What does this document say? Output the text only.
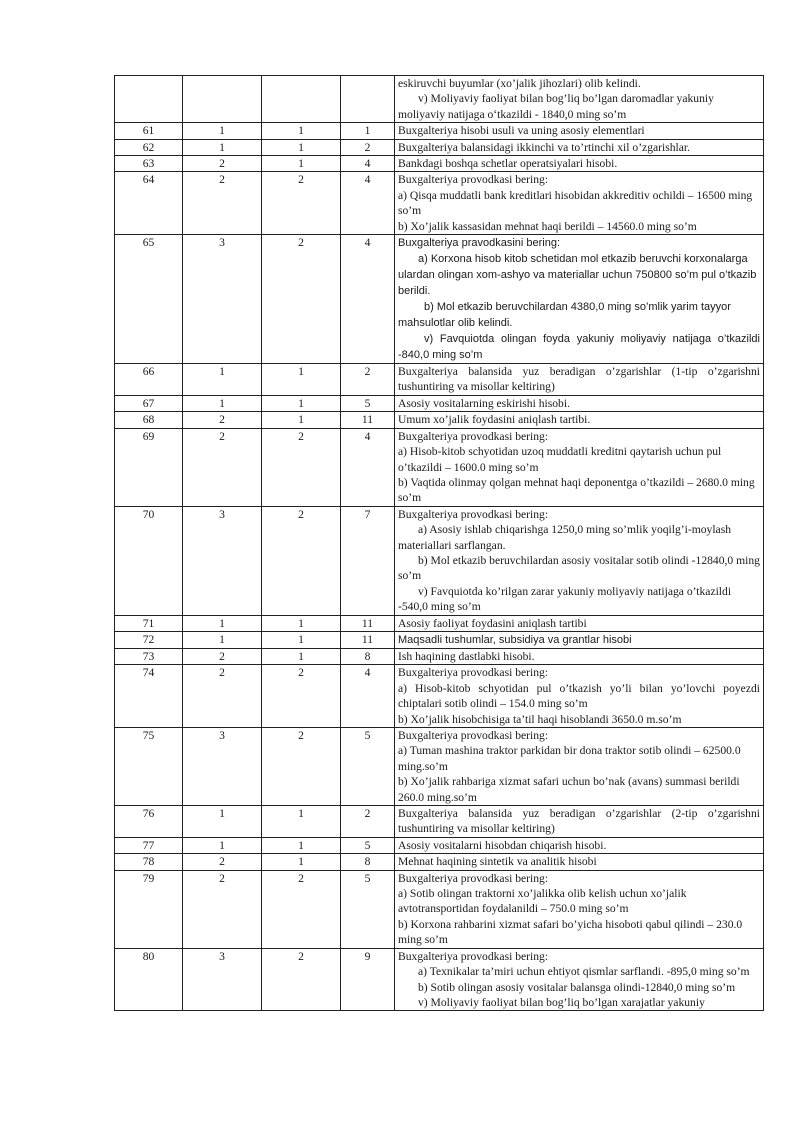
				eskiruvchi buyumlar (xo’jalik jihozlari) olib kelindi.

v) Moliyaviy faoliyat bilan bog’liq bo’lgan daromadlar yakuniy moliyaviy natijaga o‘tkazildi - 1840,0 ming so’m

61	1	1	1	Buxgalteriya hisobi usuli va uning asosiy elementlari

62	1	1	2	Buxgalteriya balansidagi ikkinchi va to’rtinchi xil o’zgarishlar.

63	2	1	4	Bankdagi boshqa schetlar operatsiyalari hisobi.

64	2	2	4	Buxgalteriya provodkasi bering:

a) Qisqa muddatli bank kreditlari hisobidan akkreditiv ochildi – 16500 ming so’m

b) Xo’jalik kassasidan mehnat haqi berildi – 14560.0 ming so’m

65	3	2	4	Buxgalteriya pravodkasini bering:

a) Korxona hisob kitob schetidan mol etkazib beruvchi korxonalarga ulardan olingan xom-ashyo va materiallar uchun 750800 so’m pul o’tkazib berildi.

b) Mol etkazib beruvchilardan 4380,0 ming so’mlik yarim tayyor mahsulotlar olib kelindi.

v) Favquiotda olingan foyda yakuniy moliyaviy natijaga o’tkazildi -840,0 ming so’m

66	1	1	2	Buxgalteriya balansida yuz beradigan o’zgarishlar (1-tip o’zgarishni tushuntiring va misollar keltiring)

67	1	1	5	Asosiy vositalarning eskirishi hisobi.

68	2	1	11	Umum xo’jalik foydasini aniqlash tartibi.

69	2	2	4	Buxgalteriya provodkasi bering:

a) Hisob-kitob schyotidan uzoq muddatli kreditni qaytarish uchun pul o’tkazildi – 1600.0 ming so’m

b) Vaqtida olinmay qolgan mehnat haqi deponentga o’tkazildi – 2680.0 ming so’m

70	3	2	7	Buxgalteriya provodkasi bering:

a) Asosiy ishlab chiqarishga 1250,0 ming so’mlik yoqilg’i-moylash materiallari sarflangan.

b) Mol etkazib beruvchilardan asosiy vositalar sotib olindi -12840,0 ming so’m

v) Favquiotda ko’rilgan zarar yakuniy moliyaviy natijaga o’tkazildi -540,0 ming so’m

71	1	1	11	Asosiy faoliyat foydasini aniqlash tartibi

72	1	1	11	Maqsadli tushumlar, subsidiya va grantlar hisobi

73	2	1	8	Ish haqining dastlabki hisobi.

74	2	2	4	Buxgalteriya provodkasi bering:

a) Hisob-kitob schyotidan pul o’tkazish yo’li bilan yo’lovchi poyezdi chiptalari sotib olindi – 154.0 ming so’m

b) Xo’jalik hisobchisiga ta’til haqi hisoblandi 3650.0 m.so’m

75	3	2	5	Buxgalteriya provodkasi bering:

a) Tuman mashina traktor parkidan bir dona traktor sotib olindi – 62500.0 ming.so’m

b) Xo’jalik rahbariga xizmat safari uchun bo’nak (avans) summasi berildi 260.0 ming.so’m

76	1	1	2	Buxgalteriya balansida yuz beradigan o’zgarishlar (2-tip o’zgarishni tushuntiring va misollar keltiring)

77	1	1	5	Asosiy vositalarni hisobdan chiqarish hisobi.

78	2	1	8	Mehnat haqining sintetik va analitik hisobi

79	2	2	5	Buxgalteriya provodkasi bering:

a) Sotib olingan traktorni xo’jalikka olib kelish uchun xo’jalik avtotransportidan foydalanildi – 750.0 ming so’m

b) Korxona rahbarini xizmat safari bo’yicha hisoboti qabul qilindi – 230.0 ming so’m

80	3	2	9	Buxgalteriya provodkasi bering:

a) Texnikalar ta’miri uchun ehtiyot qismlar sarflandi. -895,0 ming so’m

b) Sotib olingan asosiy vositalar balansga olindi-12840,0 ming so’m

v) Moliyaviy faoliyat bilan bog’liq bo’lgan xarajatlar yakuniy
